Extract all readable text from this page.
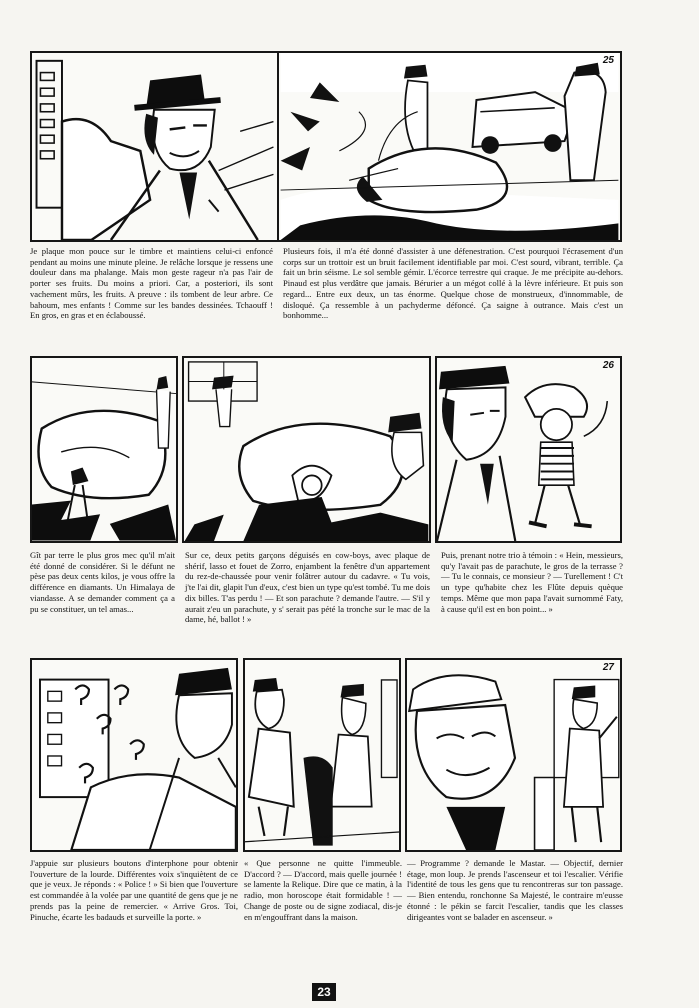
25

Je plaque mon pouce sur le timbre et maintiens celui-ci enfoncé pendant au moins une minute pleine. Je relâche lorsque je ressens une douleur dans ma phalange. Mais mon geste rageur n'a pas l'air de porter ses fruits. Du moins a priori. Car, a posteriori, ils sont vachement mûrs, les fruits. A preuve : ils tombent de leur arbre. Ce bahoum, mes enfants ! Comme sur les bandes dessinées. Tchaouff ! En gros, en gras et en éclaboussé.

Plusieurs fois, il m'a été donné d'assister à une défenestration. C'est pourquoi l'écrasement d'un corps sur un trottoir est un bruit facilement identifiable par moi. C'est sourd, vibrant, terrible. Ça fait un brin séisme. Le sol semble gémir. L'écorce terrestre qui craque. Je me précipite au-dehors. Pinaud est plus verdâtre que jamais. Bérurier a un mégot collé à la lèvre inférieure. Et puis son regard... Entre eux deux, un tas énorme. Quelque chose de monstrueux, d'innommable, de disloqué. Ça ressemble à un pachyderme défoncé. Ça saigne à outrance. Mais c'est un bonhomme...

26

Gît par terre le plus gros mec qu'il m'ait été donné de considérer. Si le défunt ne pèse pas deux cents kilos, je vous offre la différence en diamants. Un Himalaya de viandasse. A se demander comment ça a pu se constituer, un tel amas...

Sur ce, deux petits garçons déguisés en cow-boys, avec plaque de shérif, lasso et fouet de Zorro, enjambent la fenêtre d'un appartement du rez-de-chaussée pour venir folâtrer autour du cadavre. « Tu vois, j'te l'ai dit, glapit l'un d'eux, c'est bien un type qu'est tombé. Tu me dois dix billes. T'as perdu ! — Et son parachute ? demande l'autre. — S'il y aurait z'eu un parachute, y s' serait pas pété la tronche sur le mac de la dame, hé, ballot ! »

Puis, prenant notre trio à témoin : « Hein, messieurs, qu'y l'avait pas de parachute, le gros de la terrasse ? — Tu le connais, ce monsieur ? — Turellement ! C't un type qu'habite chez les Flûte depuis quèque temps. Même que mon papa l'avait surnommé Faty, à cause qu'il est en bon point... »

27

J'appuie sur plusieurs boutons d'interphone pour obtenir l'ouverture de la lourde. Différentes voix s'inquiètent de ce que je veux. Je réponds : « Police ! » Si bien que l'ouverture est commandée à la volée par une quantité de gens que je ne prends pas la peine de remercier. « Arrive Gros. Toi, Pinuche, écarte les badauds et surveille la porte. »

« Que personne ne quitte l'immeuble. D'accord ? — D'accord, mais quelle journée ! se lamente la Relique. Dire que ce matin, à la radio, mon horoscope était formidable ! — Change de poste ou de signe zodiacal, dis-je en m'engouffrant dans la maison.

— Programme ? demande le Mastar. — Objectif, dernier étage, mon loup. Je prends l'ascenseur et toi l'escalier. Vérifie l'identité de tous les gens que tu rencontreras sur ton passage. — Bien entendu, ronchonne Sa Majesté, le contraire m'eusse étonné : le pékin se farcit l'escalier, tandis que les classes dirigeantes vont se balader en ascenseur. »

23
